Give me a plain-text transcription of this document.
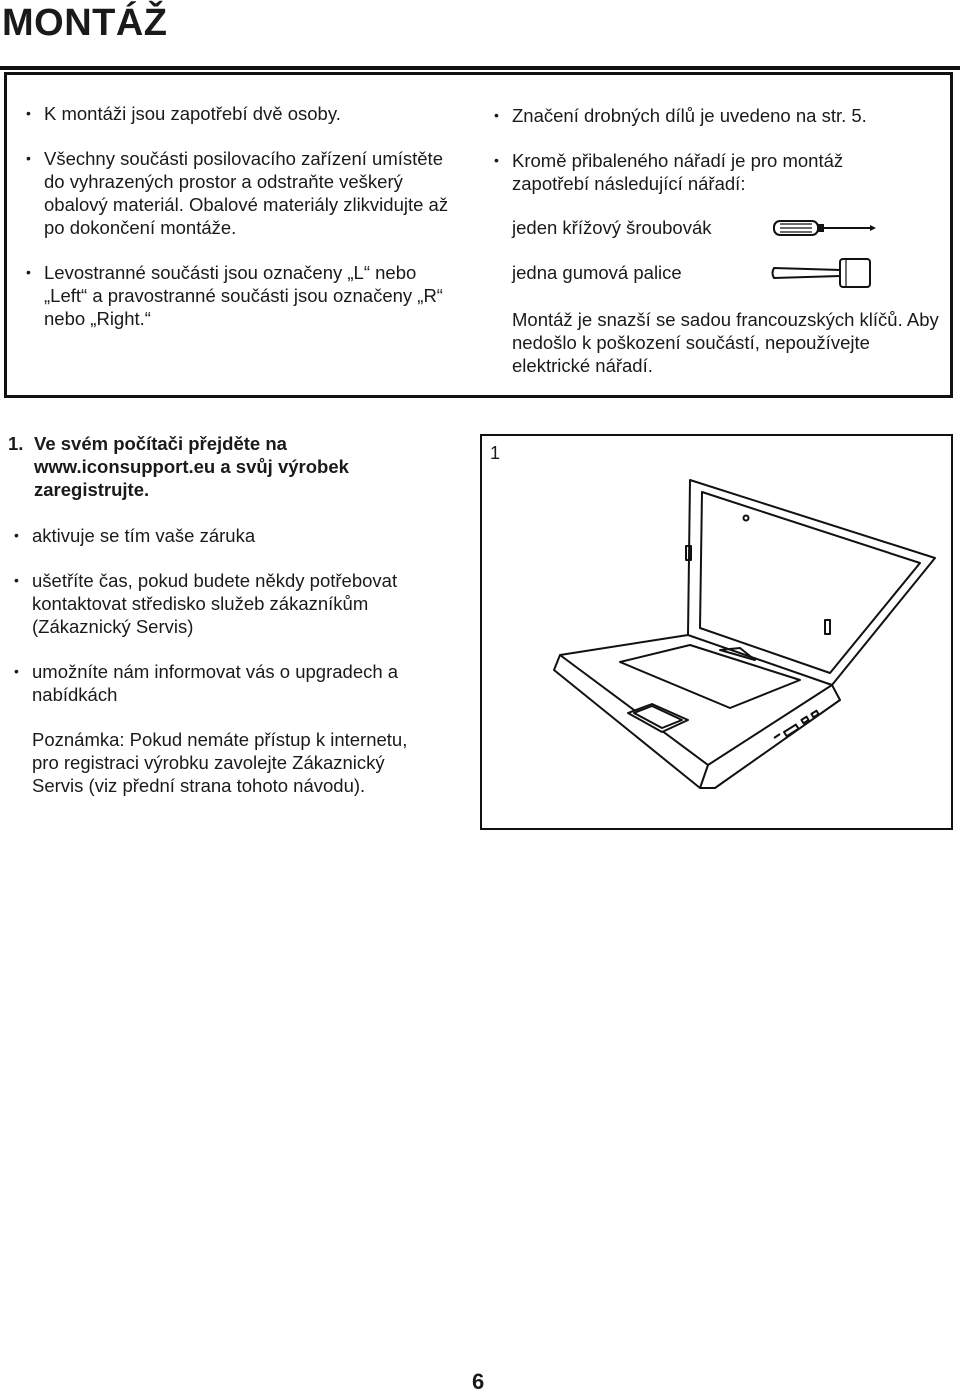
MONTÁŽ

• K montáži jsou zapotřebí dvě osoby.

• Všechny součásti posilovacího zařízení umístěte do vyhrazených prostor a odstraňte veškerý obalový materiál. Obalové materiály zlikvidujte až po dokončení montáže.

• Levostranné součásti jsou označeny „L“ nebo „Left“ a pravostranné součásti jsou označeny „R“ nebo „Right.“

• Značení drobných dílů je uvedeno na str. 5.

• Kromě přibaleného nářadí je pro montáž zapotřebí následující nářadí:

jeden křížový šroubovák
jedna gumová palice
Montáž je snazší se sadou francouzských klíčů. Aby nedošlo k poškození součástí, nepoužívejte elektrické nářadí.
1. Ve svém počítači přejděte na www.iconsupport.eu a svůj výrobek zaregistrujte.

• aktivuje se tím vaše záruka

• ušetříte čas, pokud budete někdy potřebovat kontaktovat středisko služeb zákazníkům (Zákaznický Servis)

• umožníte nám informovat vás o upgradech a nabídkách

Poznámka: Pokud nemáte přístup k internetu, pro registraci výrobku zavolejte Zákaznický Servis (viz přední strana tohoto návodu).

1
6
